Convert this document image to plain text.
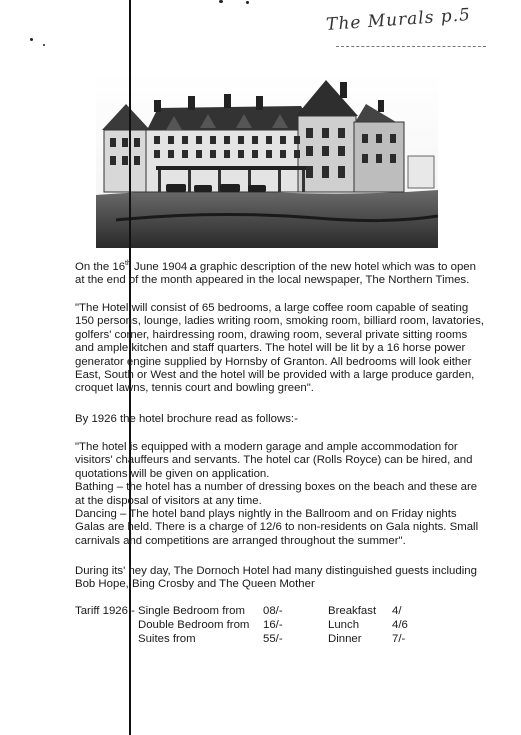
The Murals p.5
On the 16th June 1904 a graphic description of the new hotel which was to open
at the end of the month appeared in the local newspaper, The Northern Times.
"The Hotel will consist of 65 bedrooms, a large coffee room capable of seating
150 persons, lounge, ladies writing room, smoking room, billiard room, lavatories,
golfers' corner, hairdressing room, drawing room, several private sitting rooms
and ample kitchen and staff quarters. The hotel will be lit by a 16 horse power
generator engine supplied by Hornsby of Granton. All bedrooms will look either
East, South or West and the hotel will be provided with a large produce garden,
croquet lawns, tennis court and bowling green".
By 1926 the hotel brochure read as follows:-
"The hotel is equipped with a modern garage and ample accommodation for
visitors' chauffeurs and servants. The hotel car (Rolls Royce) can be hired, and
quotations will be given on application.
Bathing – the hotel has a number of dressing boxes on the beach and these are
at the disposal of visitors at any time.
Dancing – The hotel band plays nightly in the Ballroom and on Friday nights
Galas are held. There is a charge of 12/6 to non-residents on Gala nights. Small
carnivals and competitions are arranged throughout the summer".
During its' hey day, The Dornoch Hotel had many distinguished guests including
Bob Hope, Bing Crosby and The Queen Mother
Tariff 1926 - Single Bedroom from 08/-	Breakfast 4/
Double Bedroom from 16/-	Lunch	4/6
Suites from	55/-	Dinner	7/-
